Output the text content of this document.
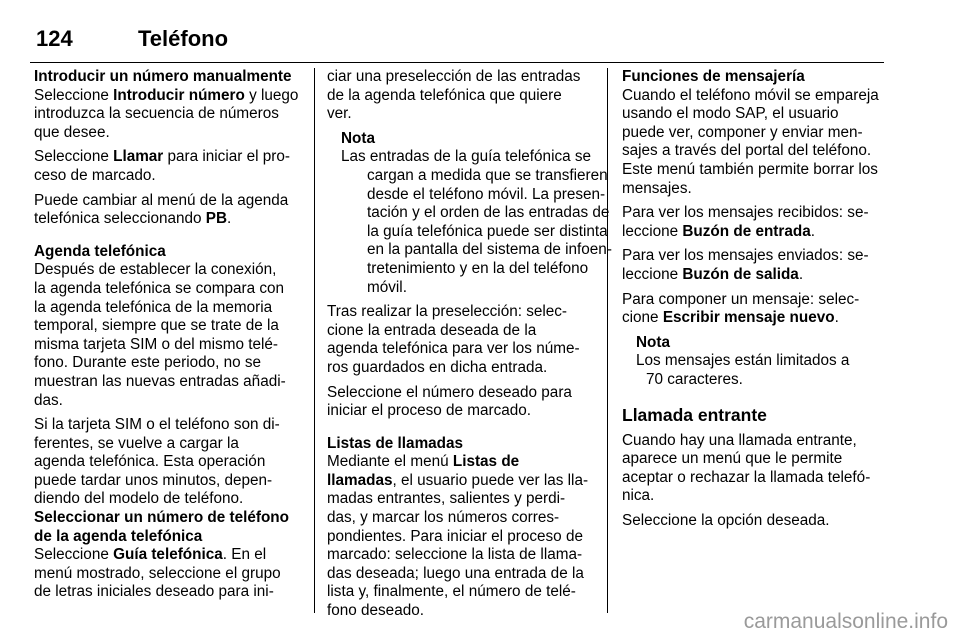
124	Teléfono
Introducir un número manualmente
Seleccione Introducir número y luego
introduzca la secuencia de números
que desee.
Seleccione Llamar para iniciar el pro-
ceso de marcado.
Puede cambiar al menú de la agenda
telefónica seleccionando PB.
Agenda telefónica
Después de establecer la conexión,
la agenda telefónica se compara con
la agenda telefónica de la memoria
temporal, siempre que se trate de la
misma tarjeta SIM o del mismo telé-
fono. Durante este periodo, no se
muestran las nuevas entradas añadi-
das.
Si la tarjeta SIM o el teléfono son di-
ferentes, se vuelve a cargar la
agenda telefónica. Esta operación
puede tardar unos minutos, depen-
diendo del modelo de teléfono.
Seleccionar un número de teléfono
de la agenda telefónica
Seleccione Guía telefónica. En el
menú mostrado, seleccione el grupo
de letras iniciales deseado para ini-
ciar una preselección de las entradas
de la agenda telefónica que quiere
ver.
Nota
Las entradas de la guía telefónica se
cargan a medida que se transfieren
desde el teléfono móvil. La presen-
tación y el orden de las entradas de
la guía telefónica puede ser distinta
en la pantalla del sistema de infoen-
tretenimiento y en la del teléfono
móvil.
Tras realizar la preselección: selec-
cione la entrada deseada de la
agenda telefónica para ver los núme-
ros guardados en dicha entrada.
Seleccione el número deseado para
iniciar el proceso de marcado.
Listas de llamadas
Mediante el menú Listas de
llamadas, el usuario puede ver las lla-
madas entrantes, salientes y perdi-
das, y marcar los números corres-
pondientes. Para iniciar el proceso de
marcado: seleccione la lista de llama-
das deseada; luego una entrada de la
lista y, finalmente, el número de telé-
fono deseado.
Funciones de mensajería
Cuando el teléfono móvil se empareja
usando el modo SAP, el usuario
puede ver, componer y enviar men-
sajes a través del portal del teléfono.
Este menú también permite borrar los
mensajes.
Para ver los mensajes recibidos: se-
leccione Buzón de entrada.
Para ver los mensajes enviados: se-
leccione Buzón de salida.
Para componer un mensaje: selec-
cione Escribir mensaje nuevo.
Nota
Los mensajes están limitados a
70 caracteres.
Llamada entrante
Cuando hay una llamada entrante,
aparece un menú que le permite
aceptar o rechazar la llamada telefó-
nica.
Seleccione la opción deseada.
carmanualsonline.info
